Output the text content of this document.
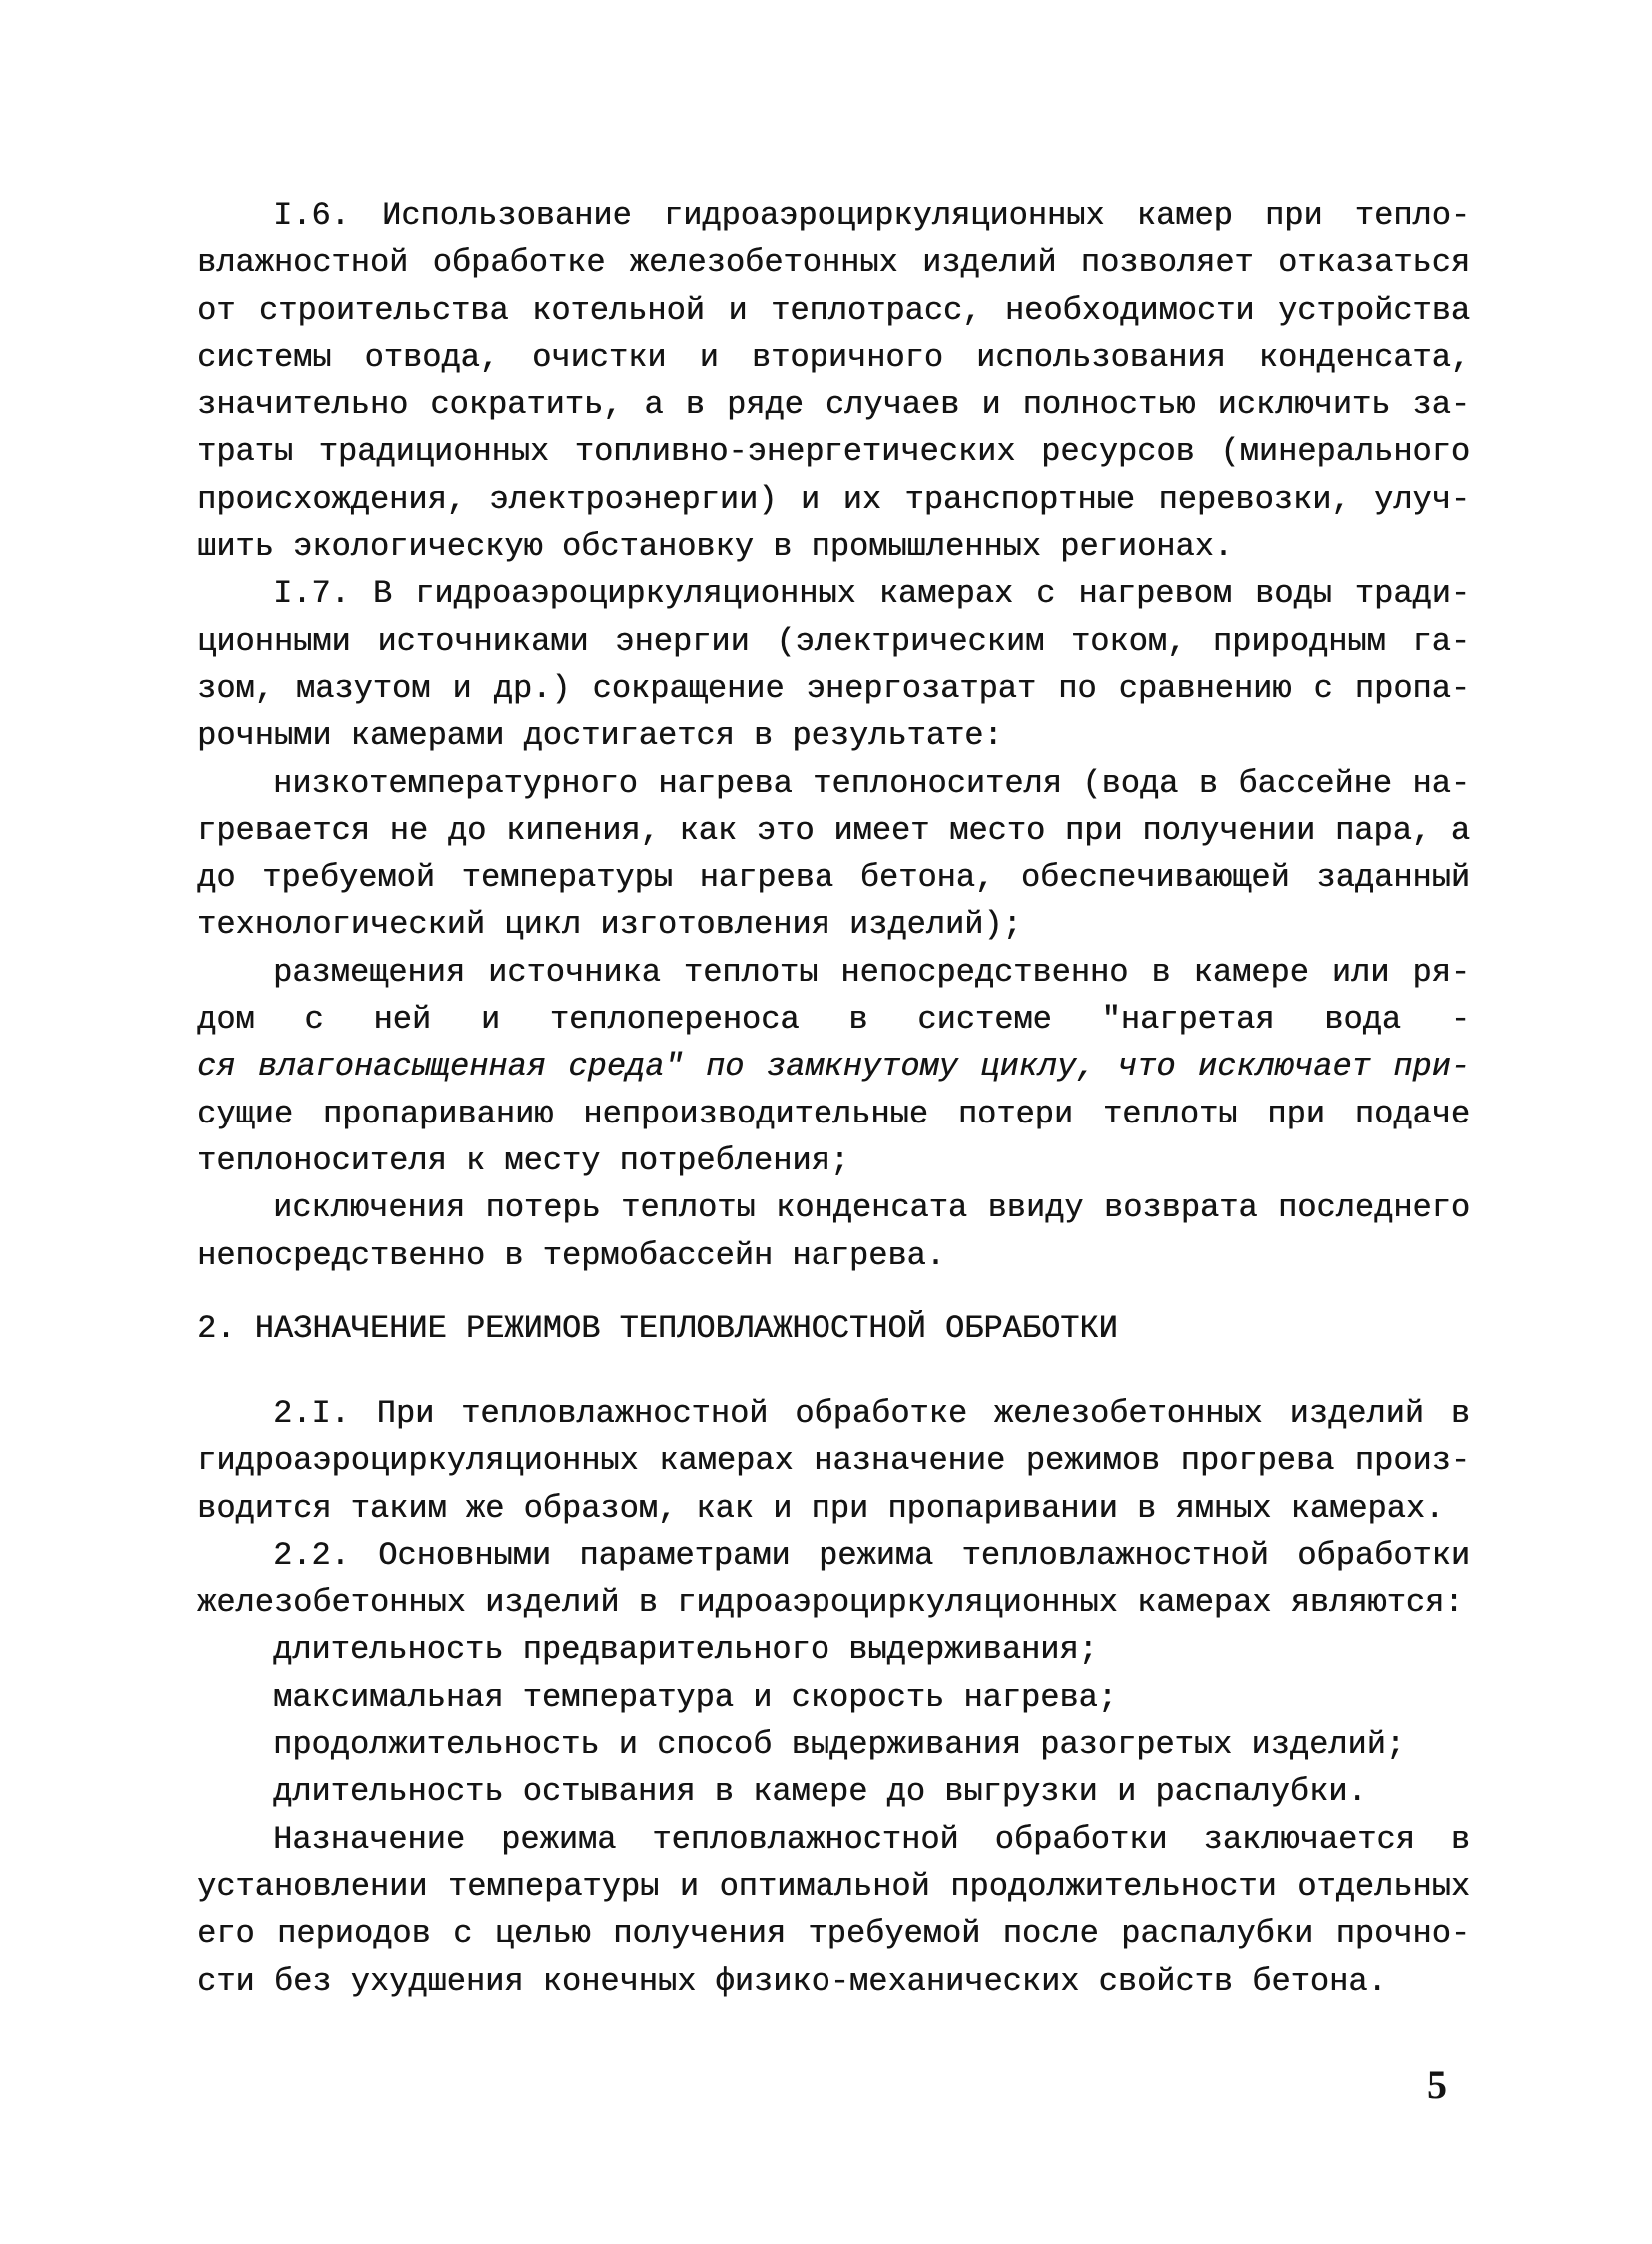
I.6. Использование гидроаэроциркуляционных камер при тепло-
влажностной обработке железобетонных изделий позволяет отказаться
от строительства котельной и теплотрасс, необходимости устройства
системы отвода, очистки и вторичного использования конденсата,
значительно сократить, а в ряде случаев и полностью исключить за-
траты традиционных топливно-энергетических ресурсов (минерального
происхождения, электроэнергии) и их транспортные перевозки, улуч-
шить экологическую обстановку в промышленных регионах.
I.7. В гидроаэроциркуляционных камерах с нагревом воды тради-
ционными источниками энергии (электрическим током, природным га-
зом, мазутом и др.) сокращение энергозатрат по сравнению с пропа-
рочными камерами достигается в результате:
низкотемпературного нагрева теплоносителя (вода в бассейне на-
гревается не до кипения, как это имеет место при получении пара, а
до требуемой температуры нагрева бетона, обеспечивающей заданный
технологический цикл изготовления изделий);
размещения источника теплоты непосредственно в камере или ря-
дом с ней и теплопереноса в системе "нагретая вода -
ся влагонасыщенная среда" по замкнутому циклу, что исключает при-
сущие пропариванию непроизводительные потери теплоты при подаче
теплоносителя к месту потребления;
исключения потерь теплоты конденсата ввиду возврата последнего
непосредственно в термобассейн нагрева.
2. НАЗНАЧЕНИЕ РЕЖИМОВ ТЕПЛОВЛАЖНОСТНОЙ ОБРАБОТКИ
2.I. При тепловлажностной обработке железобетонных изделий в
гидроаэроциркуляционных камерах назначение режимов прогрева произ-
водится таким же образом, как и при пропаривании в ямных камерах.
2.2. Основными параметрами режима тепловлажностной обработки
железобетонных изделий в гидроаэроциркуляционных камерах являются:
длительность предварительного выдерживания;
максимальная температура и скорость нагрева;
продолжительность и способ выдерживания разогретых изделий;
длительность остывания в камере до выгрузки и распалубки.
Назначение режима тепловлажностной обработки заключается в
установлении температуры и оптимальной продолжительности отдельных
его периодов с целью получения требуемой после распалубки прочно-
сти без ухудшения конечных физико-механических свойств бетона.
5
